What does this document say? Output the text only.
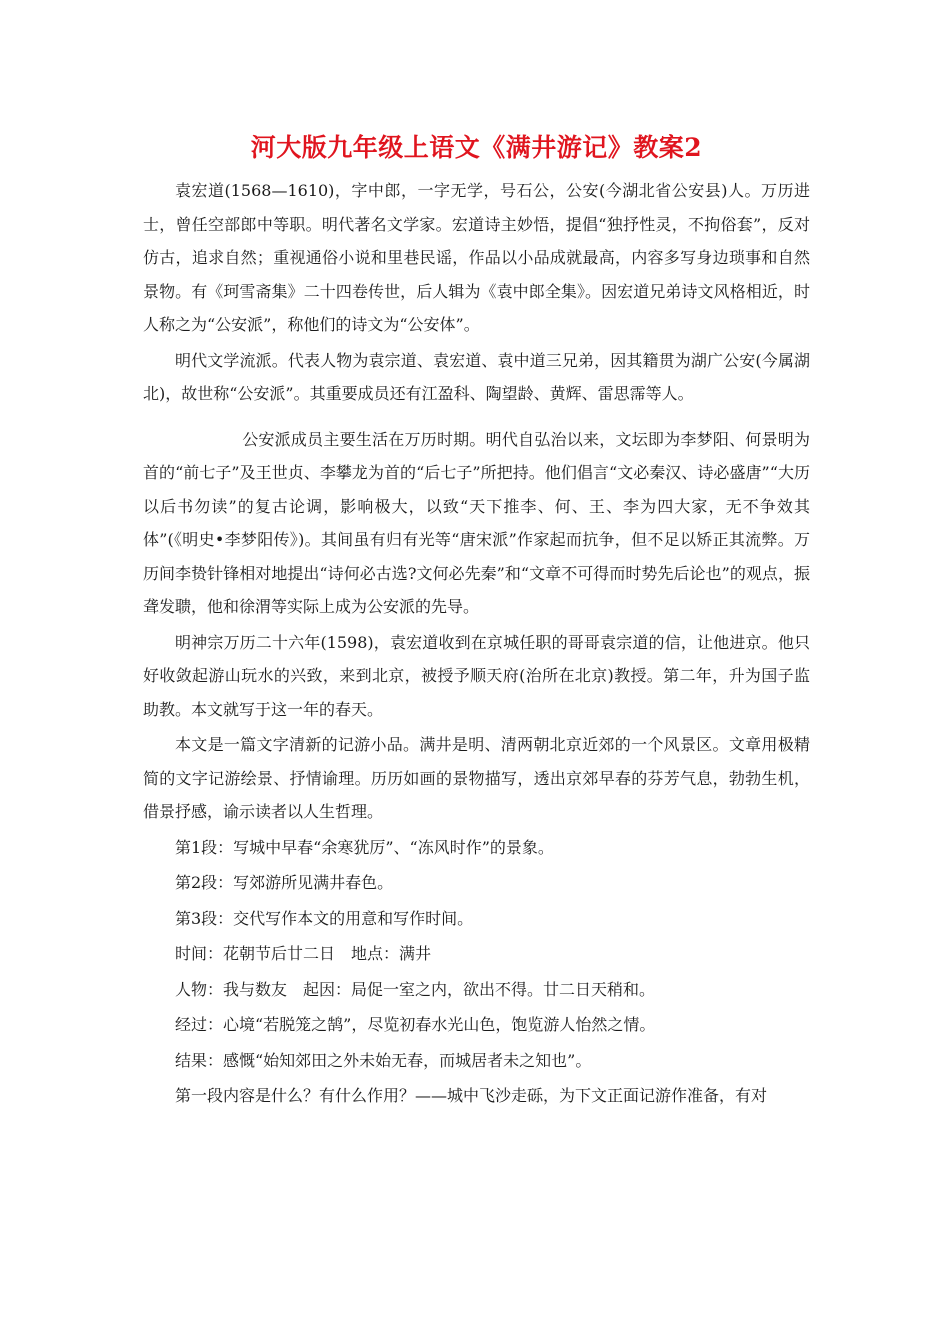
河大版九年级上语文《满井游记》教案2

袁宏道(1568—1610)，字中郎，一字无学，号石公，公安(今湖北省公安县)人。万历进士，曾任空部郎中等职。明代著名文学家。宏道诗主妙悟，提倡“独抒性灵，不拘俗套”，反对仿古，追求自然；重视通俗小说和里巷民谣，作品以小品成就最高，内容多写身边琐事和自然景物。有《珂雪斋集》二十四卷传世，后人辑为《袁中郎全集》。因宏道兄弟诗文风格相近，时人称之为“公安派”，称他们的诗文为“公安体”。

明代文学流派。代表人物为袁宗道、袁宏道、袁中道三兄弟，因其籍贯为湖广公安(今属湖北)，故世称“公安派”。其重要成员还有江盈科、陶望龄、黄辉、雷思霈等人。

公安派成员主要生活在万历时期。明代自弘治以来，文坛即为李梦阳、何景明为首的“前七子”及王世贞、李攀龙为首的“后七子”所把持。他们倡言“文必秦汉、诗必盛唐”“大历以后书勿读”的复古论调，影响极大，以致“天下推李、何、王、李为四大家，无不争效其体”(《明史•李梦阳传》)。其间虽有归有光等“唐宋派”作家起而抗争，但不足以矫正其流弊。万历间李贽针锋相对地提出“诗何必古选?文何必先秦”和“文章不可得而时势先后论也”的观点，振聋发聩，他和徐渭等实际上成为公安派的先导。

明神宗万历二十六年(1598)，袁宏道收到在京城任职的哥哥袁宗道的信，让他进京。他只好收敛起游山玩水的兴致，来到北京，被授予顺天府(治所在北京)教授。第二年，升为国子监助教。本文就写于这一年的春天。

本文是一篇文字清新的记游小品。满井是明、清两朝北京近郊的一个风景区。文章用极精简的文字记游绘景、抒情谕理。历历如画的景物描写，透出京郊早春的芬芳气息，勃勃生机，借景抒感，谕示读者以人生哲理。

第1段：写城中早春“余寒犹厉”、“冻风时作”的景象。

第2段：写郊游所见满井春色。

第3段：交代写作本文的用意和写作时间。

时间：花朝节后廿二日　地点：满井

人物：我与数友　起因：局促一室之内，欲出不得。廿二日天稍和。

经过：心境“若脱笼之鹄”，尽览初春水光山色，饱览游人怡然之情。

结果：感慨“始知郊田之外未始无春，而城居者未之知也”。

第一段内容是什么？有什么作用？——城中飞沙走砾，为下文正面记游作准备，有对
